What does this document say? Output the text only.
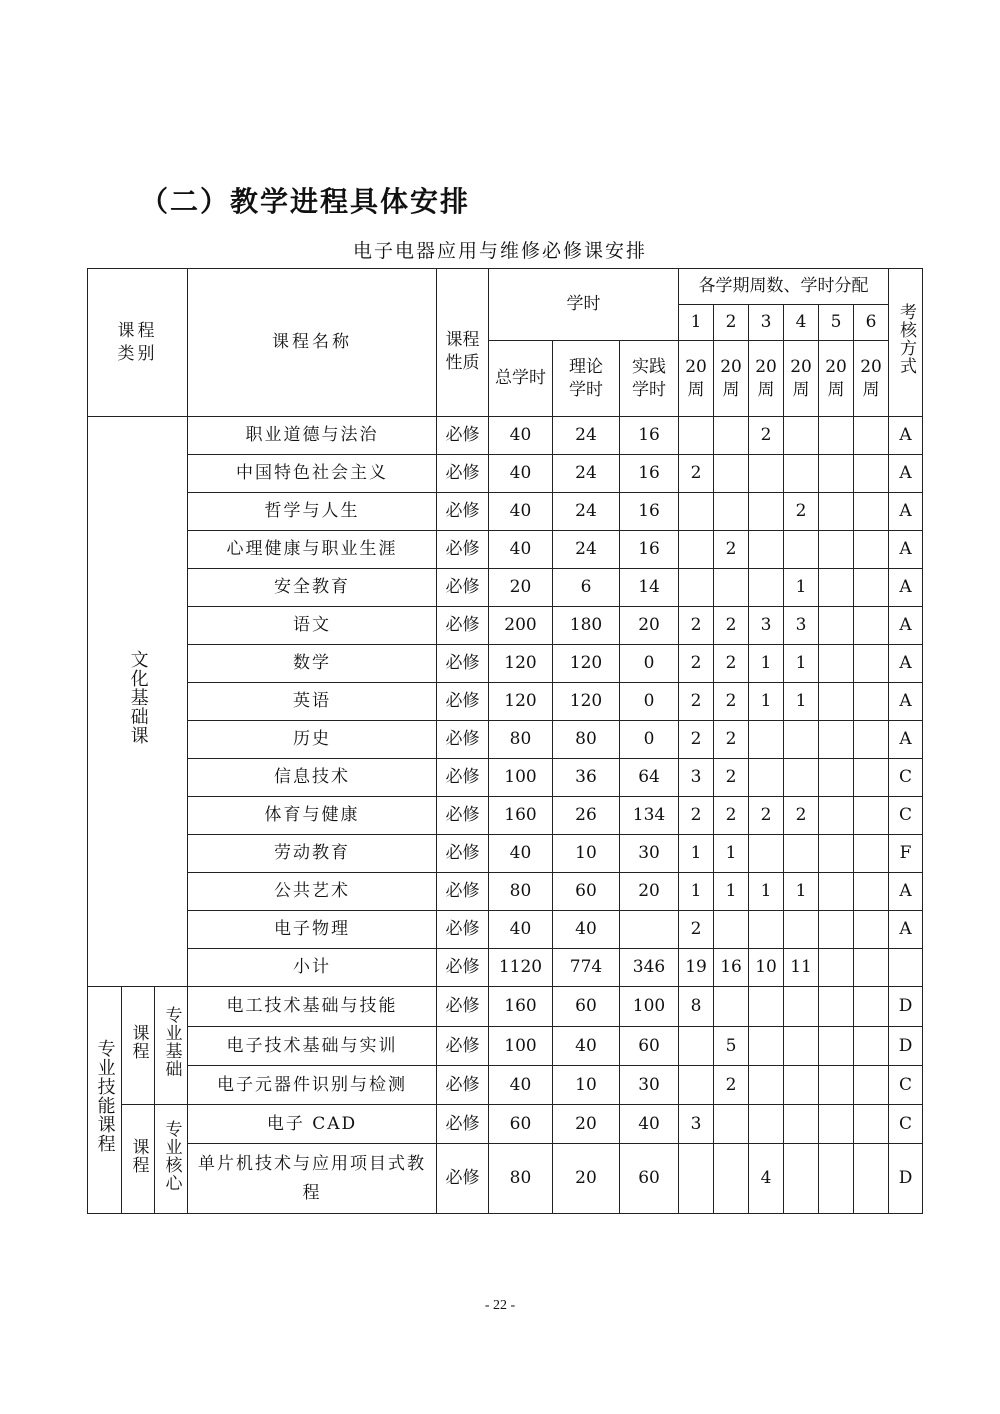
（二）教学进程具体安排
电子电器应用与维修必修课安排
课程类别			课程名称	课程性质	学时			各学期周数、学时分配						考核方式
								1	2	3	4	5	6	
					总学时	理论学时	实践学时	20周	20周	20周	20周	20周	20周	

文化基础课			职业道德与法治	必修	40	24	16			2				A
			中国特色社会主义	必修	40	24	16	2						A
			哲学与人生	必修	40	24	16				2			A
			心理健康与职业生涯	必修	40	24	16		2					A
			安全教育	必修	20	6	14				1			A
			语文	必修	200	180	20	2	2	3	3			A
			数学	必修	120	120	0	2	2	1	1			A
			英语	必修	120	120	0	2	2	1	1			A
			历史	必修	80	80	0	2	2					A
			信息技术	必修	100	36	64	3	2					C
			体育与健康	必修	160	26	134	2	2	2	2			C
			劳动教育	必修	40	10	30	1	1					F
			公共艺术	必修	80	60	20	1	1	1	1			A
			电子物理	必修	40	40		2						A
			小计	必修	1120	774	346	19	16	10	11			
专业技能课程	课程	专业基础	电工技术基础与技能	必修	160	60	100	8						D
			电子技术基础与实训	必修	100	40	60		5					D
			电子元器件识别与检测	必修	40	10	30		2					C
	课程	专业核心	电子 CAD	必修	60	20	40	3						C
			单片机技术与应用项目式教程	必修	80	20	60			4				D
- 22 -
